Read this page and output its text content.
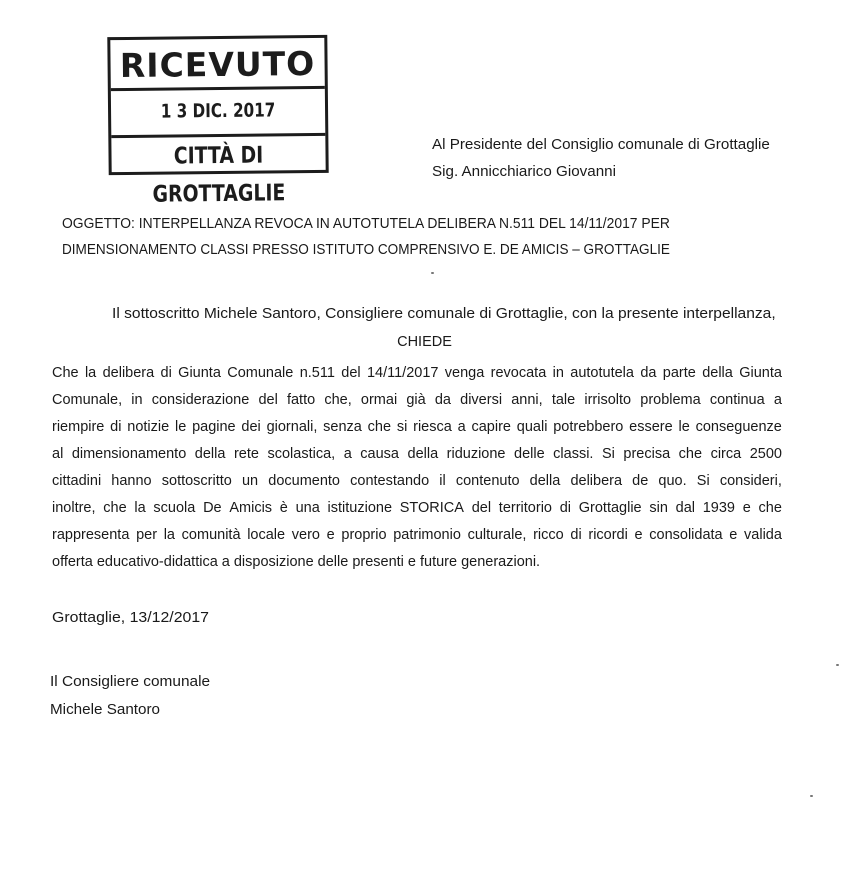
RICEVUTO
1 3 DIC. 2017
CITTÀ DI GROTTAGLIE
Al Presidente del Consiglio comunale di Grottaglie
Sig. Annicchiarico Giovanni
OGGETTO: INTERPELLANZA REVOCA IN AUTOTUTELA DELIBERA N.511 DEL 14/11/2017 PER
DIMENSIONAMENTO CLASSI PRESSO ISTITUTO COMPRENSIVO E. DE AMICIS – GROTTAGLIE
Il sottoscritto Michele Santoro, Consigliere comunale di Grottaglie, con la presente interpellanza,
CHIEDE
Che la delibera di Giunta Comunale n.511 del 14/11/2017 venga revocata in autotutela da parte della Giunta
Comunale, in considerazione del fatto che, ormai già da diversi anni, tale irrisolto problema continua a
riempire di notizie le pagine dei giornali, senza che si riesca a capire quali potrebbero essere le conseguenze
al dimensionamento della rete scolastica, a causa della riduzione delle classi. Si precisa che circa 2500
cittadini hanno sottoscritto un documento contestando il contenuto della delibera de quo. Si consideri,
inoltre, che la scuola De Amicis è una istituzione STORICA del territorio di Grottaglie sin dal 1939 e che
rappresenta per la comunità locale vero e proprio patrimonio culturale, ricco di ricordi e consolidata e valida
offerta educativo-didattica a disposizione delle presenti e future generazioni.
Grottaglie, 13/12/2017
Il Consigliere comunale
Michele Santoro
